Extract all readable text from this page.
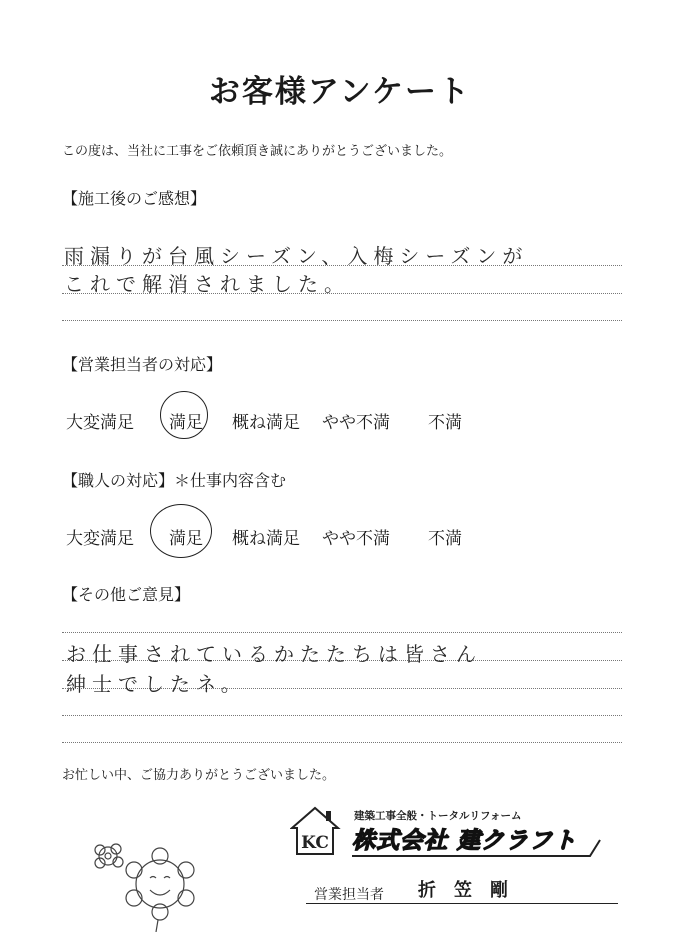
お客様アンケート
この度は、当社に工事をご依頼頂き誠にありがとうございました。
【施工後のご感想】
雨漏りが台風シーズン、入梅シーズンが
これで解消されました。
【営業担当者の対応】
大変満足 満足 概ね満足 やや不満 不満
【職人の対応】＊仕事内容含む
大変満足 満足 概ね満足 やや不満 不満
【その他ご意見】
お仕事されているかたたちは皆さん
紳士でしたネ。
お忙しい中、ご協力ありがとうございました。
KC
建築工事全般・トータルリフォーム
株式会社 建クラフト
営業担当者 折笠剛
